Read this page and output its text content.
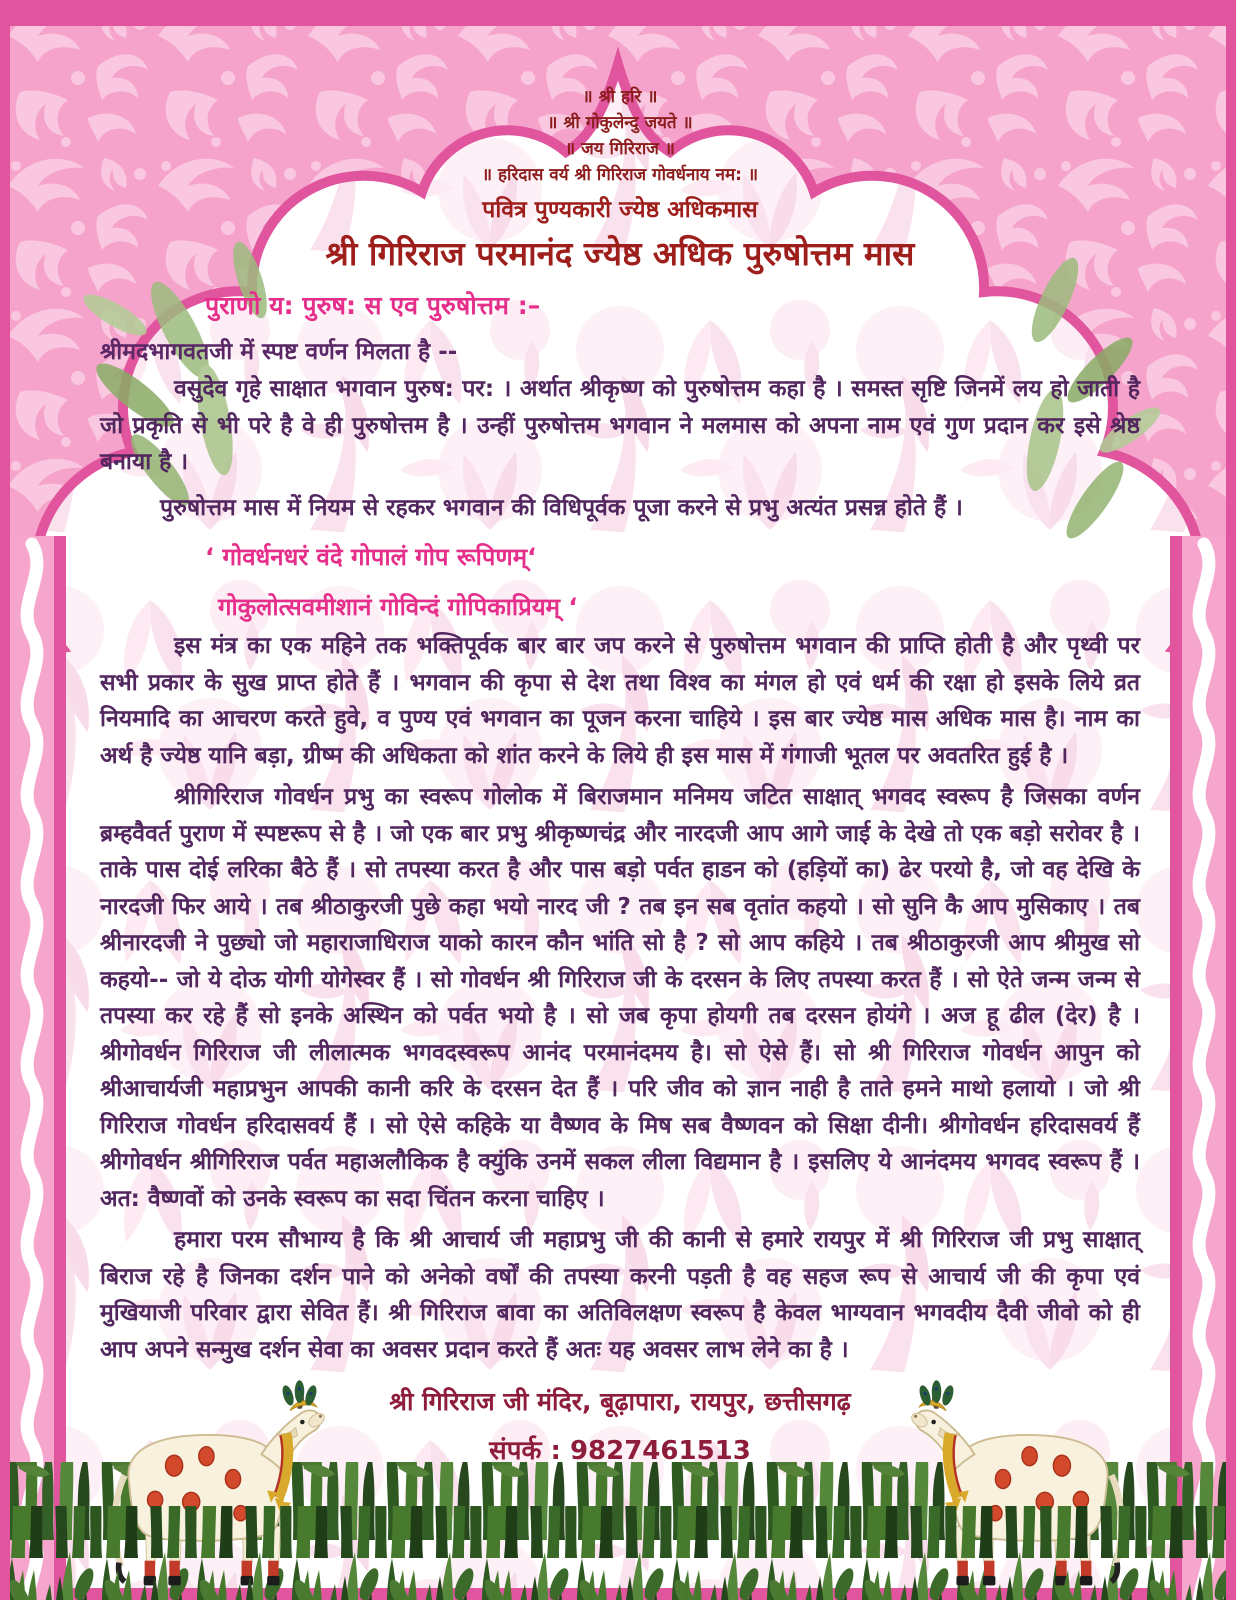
॥ श्री हरि ॥
॥ श्री गोकुलेन्दु जयते ॥
॥ जय गिरिराज ॥
॥ हरिदास वर्य श्री गिरिराज गोवर्धनाय नम: ॥
पवित्र पुण्यकारी ज्येष्ठ अधिकमास
श्री गिरिराज परमानंद ज्येष्ठ अधिक पुरुषोत्तम मास
पुराणो य: पुरुष: स एव पुरुषोत्तम :–
श्रीमदभागवतजी में स्पष्ट वर्णन मिलता है --

वसुदेव गृहे साक्षात भगवान पुरुष: पर: । अर्थात श्रीकृष्ण को पुरुषोत्तम कहा है । समस्त सृष्टि जिनमें लय हो जाती है जो प्रकृति से भी परे है वे ही पुरुषोत्तम है । उन्हीं पुरुषोत्तम भगवान ने मलमास को अपना नाम एवं गुण प्रदान कर इसे श्रेष्ठ बनाया है ।

पुरुषोत्तम मास में नियम से रहकर भगवान की विधिपूर्वक पूजा करने से प्रभु अत्यंत प्रसन्न होते हैं ।

‘ गोवर्धनधरं वंदे गोपालं गोप रूपिणम्‘
गोकुलोत्सवमीशानं गोविन्दं गोपिकाप्रियम् ‘

इस मंत्र का एक महिने तक भक्तिपूर्वक बार बार जप करने से पुरुषोत्तम भगवान की प्राप्ति होती है और पृथ्वी पर सभी प्रकार के सुख प्राप्त होते हैं । भगवान की कृपा से देश तथा विश्व का मंगल हो एवं धर्म की रक्षा हो इसके लिये व्रत नियमादि का आचरण करते हुवे, व पुण्य एवं भगवान का पूजन करना चाहिये । इस बार ज्येष्ठ मास अधिक मास है। नाम का अर्थ है ज्येष्ठ यानि बड़ा, ग्रीष्म की अधिकता को शांत करने के लिये ही इस मास में गंगाजी भूतल पर अवतरित हुई है ।

श्रीगिरिराज गोवर्धन प्रभु का स्वरूप गोलोक में बिराजमान मनिमय जटित साक्षात् भगवद स्वरूप है जिसका वर्णन ब्रम्हवैवर्त पुराण में स्पष्टरूप से है । जो एक बार प्रभु श्रीकृष्णचंद्र और नारदजी आप आगे जाई के देखे तो एक बड़ो सरोवर है । ताके पास दोई लरिका बैठे हैं । सो तपस्या करत है और पास बड़ो पर्वत हाडन को (हड़ियों का) ढेर परयो है, जो वह देखि के नारदजी फिर आये । तब श्रीठाकुरजी पुछे कहा भयो नारद जी ? तब इन सब वृतांत कहयो । सो सुनि कै आप मुसिकाए । तब श्रीनारदजी ने पुछ्यो जो महाराजाधिराज याको कारन कौन भांति सो है ? सो आप कहिये । तब श्रीठाकुरजी आप श्रीमुख सो कहयो-- जो ये दोऊ योगी योगेस्वर हैं । सो गोवर्धन श्री गिरिराज जी के दरसन के लिए तपस्या करत हैं । सो ऐते जन्म जन्म से तपस्या कर रहे हैं सो इनके अस्थिन को पर्वत भयो है । सो जब कृपा होयगी तब दरसन होयंगे । अज हू ढील (देर) है । श्रीगोवर्धन गिरिराज जी लीलात्मक भगवदस्वरूप आनंद परमानंदमय है। सो ऐसे हैं। सो श्री गिरिराज गोवर्धन आपुन को श्रीआचार्यजी महाप्रभुन आपकी कानी करि के दरसन देत हैं । परि जीव को ज्ञान नाही है ताते हमने माथो हलायो । जो श्री गिरिराज गोवर्धन हरिदासवर्य हैं । सो ऐसे कहिके या वैष्णव के मिष सब वैष्णवन को सिक्षा दीनी। श्रीगोवर्धन हरिदासवर्य हैं श्रीगोवर्धन श्रीगिरिराज पर्वत महाअलौकिक है क्युंकि उनमें सकल लीला विद्यमान है । इसलिए ये आनंदमय भगवद स्वरूप हैं । अत: वैष्णवों को उनके स्वरूप का सदा चिंतन करना चाहिए ।

हमारा परम सौभाग्य है कि श्री आचार्य जी महाप्रभु जी की कानी से हमारे रायपुर में श्री गिरिराज जी प्रभु साक्षात् बिराज रहे है जिनका दर्शन पाने को अनेको वर्षों की तपस्या करनी पड़ती है वह सहज रूप से आचार्य जी की कृपा एवं मुखियाजी परिवार द्वारा सेवित हैं। श्री गिरिराज बावा का अतिविलक्षण स्वरूप है केवल भाग्यवान भगवदीय दैवी जीवो को ही आप अपने सन्मुख दर्शन सेवा का अवसर प्रदान करते हैं अतः यह अवसर लाभ लेने का है ।

श्री गिरिराज जी मंदिर, बूढ़ापारा, रायपुर, छत्तीसगढ़
संपर्क : 9827461513
